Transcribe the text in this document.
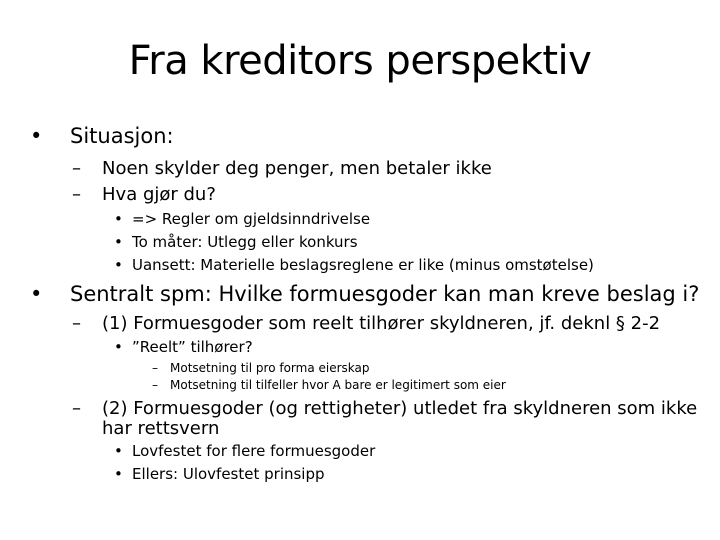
Fra kreditors perspektiv
• Situasjon:
– Noen skylder deg penger, men betaler ikke
– Hva gjør du?
• => Regler om gjeldsinndrivelse
• To måter: Utlegg eller konkurs
• Uansett: Materielle beslagsreglene er like (minus omstøtelse)
• Sentralt spm: Hvilke formuesgoder kan man kreve beslag i?
– (1) Formuesgoder som reelt tilhører skyldneren, jf. deknl § 2-2
• ”Reelt” tilhører?
– Motsetning til pro forma eierskap
– Motsetning til tilfeller hvor A bare er legitimert som eier
– (2) Formuesgoder (og rettigheter) utledet fra skyldneren som ikke
har rettsvern
• Lovfestet for flere formuesgoder
• Ellers: Ulovfestet prinsipp
